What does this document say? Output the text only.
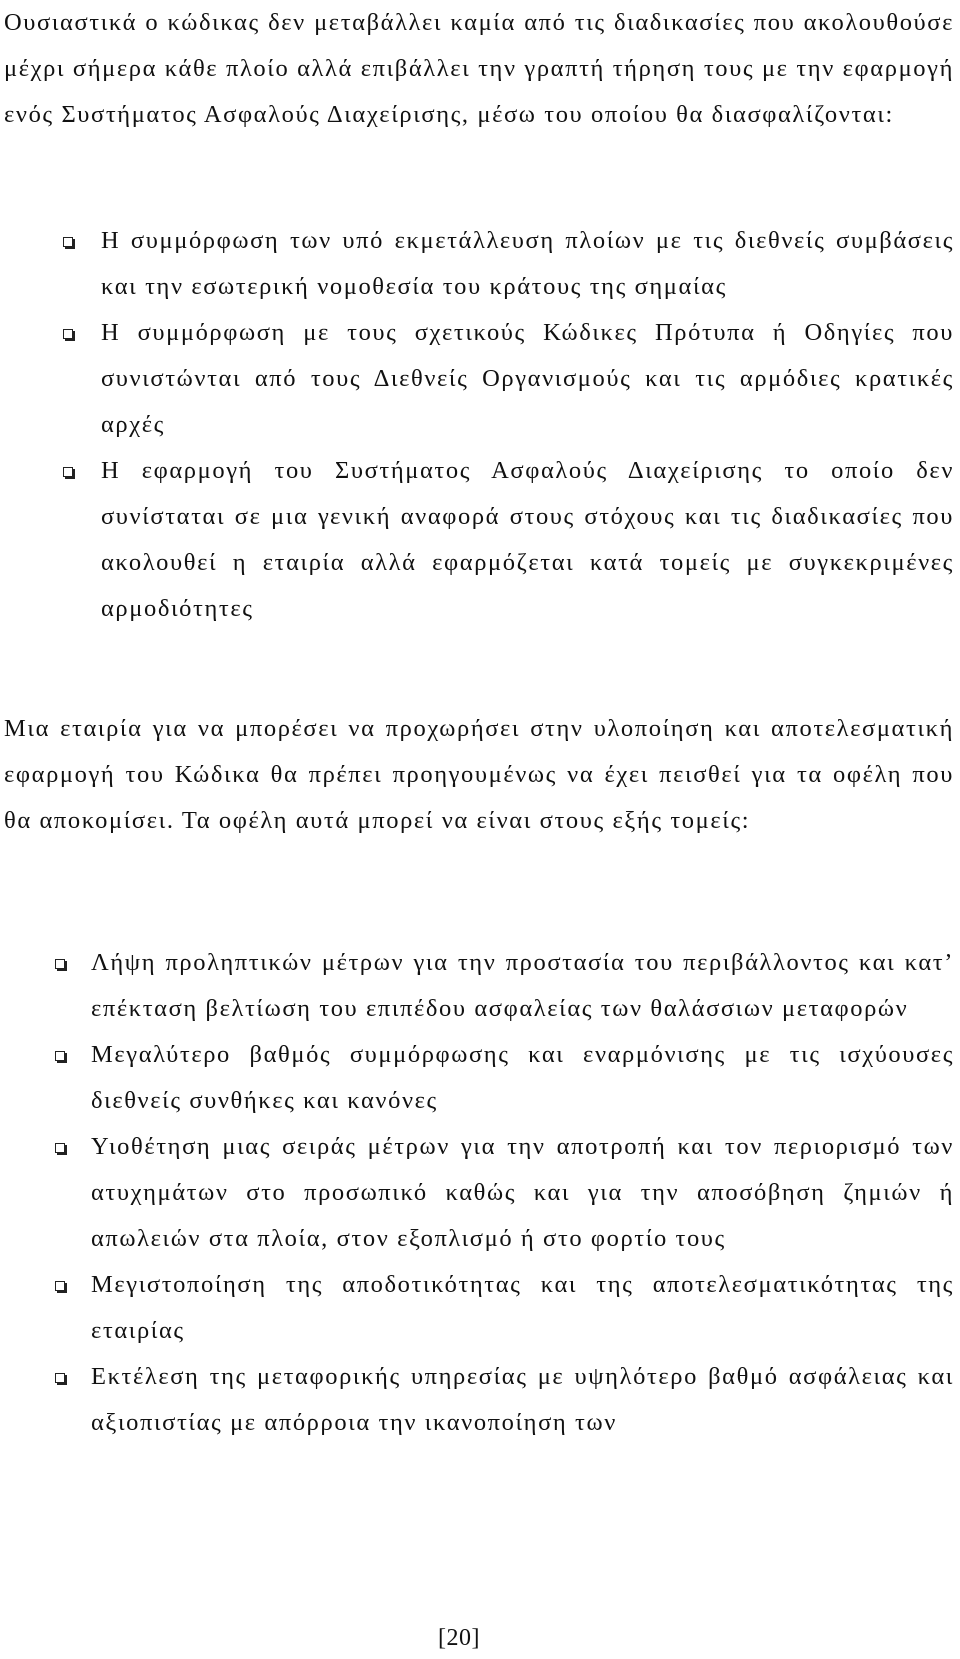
Ουσιαστικά ο κώδικας δεν μεταβάλλει καμία από τις διαδικασίες που ακολουθούσε μέχρι σήμερα κάθε πλοίο αλλά επιβάλλει την γραπτή τήρηση τους με την εφαρμογή ενός Συστήματος Ασφαλούς Διαχείρισης, μέσω του οποίου θα διασφαλίζονται:

Η συμμόρφωση των υπό εκμετάλλευση πλοίων με τις διεθνείς συμβάσεις και την εσωτερική νομοθεσία του κράτους της σημαίας
Η συμμόρφωση με τους σχετικούς Κώδικες Πρότυπα ή Οδηγίες που συνιστώνται από τους Διεθνείς Οργανισμούς και τις αρμόδιες κρατικές αρχές
Η εφαρμογή του Συστήματος Ασφαλούς Διαχείρισης το οποίο δεν συνίσταται σε μια γενική αναφορά στους στόχους και τις διαδικασίες που ακολουθεί η εταιρία αλλά εφαρμόζεται κατά τομείς με συγκεκριμένες αρμοδιότητες

Μια εταιρία για να μπορέσει να προχωρήσει στην υλοποίηση και αποτελεσματική εφαρμογή του Κώδικα θα πρέπει προηγουμένως να έχει πεισθεί για τα οφέλη που θα αποκομίσει. Τα οφέλη αυτά μπορεί να είναι στους εξής τομείς:

Λήψη προληπτικών μέτρων για την προστασία του περιβάλλοντος και κατ’ επέκταση βελτίωση του επιπέδου ασφαλείας των θαλάσσιων μεταφορών
Μεγαλύτερο βαθμός συμμόρφωσης και εναρμόνισης με τις ισχύουσες διεθνείς συνθήκες και κανόνες
Υιοθέτηση μιας σειράς μέτρων για την αποτροπή και τον περιορισμό των ατυχημάτων στο προσωπικό καθώς και για την αποσόβηση ζημιών ή απωλειών στα πλοία, στον εξοπλισμό ή στο φορτίο τους
Μεγιστοποίηση της αποδοτικότητας και της αποτελεσματικότητας της εταιρίας
Εκτέλεση της μεταφορικής υπηρεσίας με υψηλότερο βαθμό ασφάλειας και αξιοπιστίας με απόρροια την ικανοποίηση των
[20]
